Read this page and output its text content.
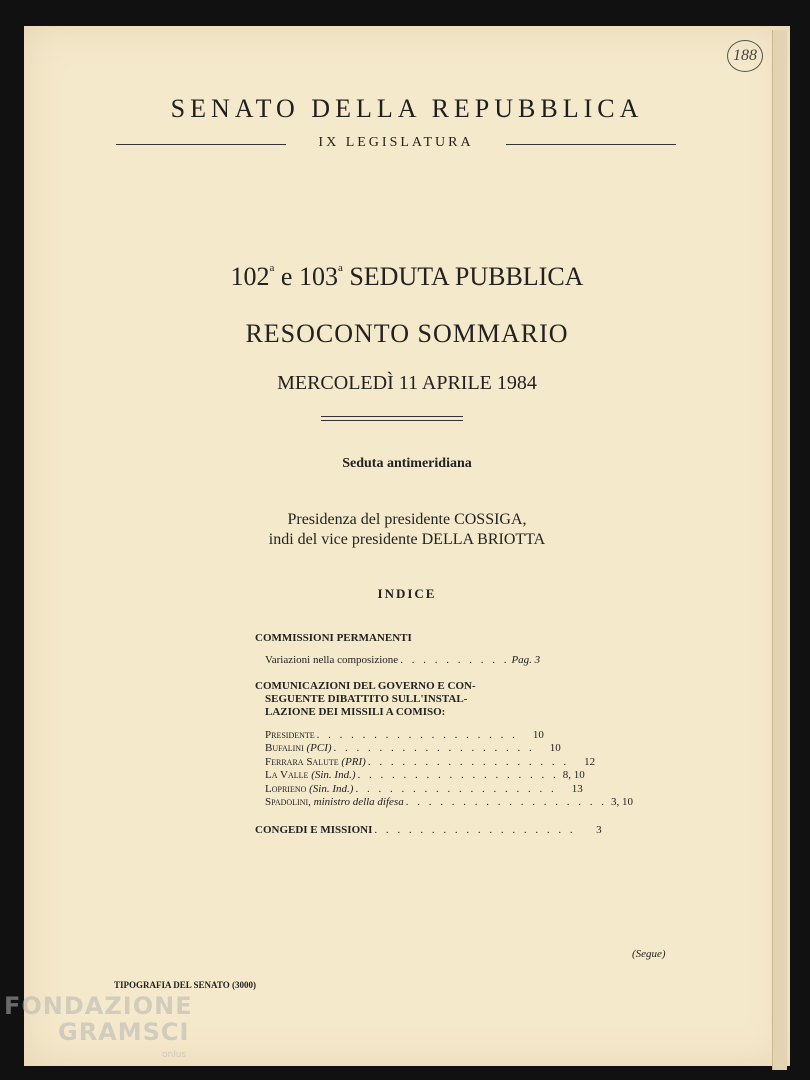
188
SENATO DELLA REPUBBLICA
IX LEGISLATURA
102$^a$ e 103$^a$ SEDUTA PUBBLICA
RESOCONTO SOMMARIO
MERCOLEDÌ 11 APRILE 1984
Seduta antimeridiana
Presidenza del presidente COSSIGA,
indi del vice presidente DELLA BRIOTTA
INDICE
COMMISSIONI PERMANENTI
Variazioni nella composizione . . . . . . . . . . Pag. 3
COMUNICAZIONI DEL GOVERNO E CON-
SEGUENTE DIBATTITO SULL'INSTAL-
LAZIONE DEI MISSILI A COMISO:
Presidente . . . . . . . . . . . . . . . . . .	10
Bufalini (PCI) . . . . . . . . . . . . . . . . . .	10
Ferrara Salute (PRI) . . . . . . . . . . . . . . . . . .	12
La Valle (Sin. Ind.) . . . . . . . . . . . . . . . . . . 8, 10
Loprieno (Sin. Ind.) . . . . . . . . . . . . . . . . . .	13
Spadolini, ministro della difesa . . . . . . . . . . . . . . . . . . 3, 10
CONGEDI E MISSIONI . . . . . . . . . . . . . . . . . .	3
(Segue)
TIPOGRAFIA DEL SENATO (3000)
FONDAZIONE
GRAMSCI
onlus
